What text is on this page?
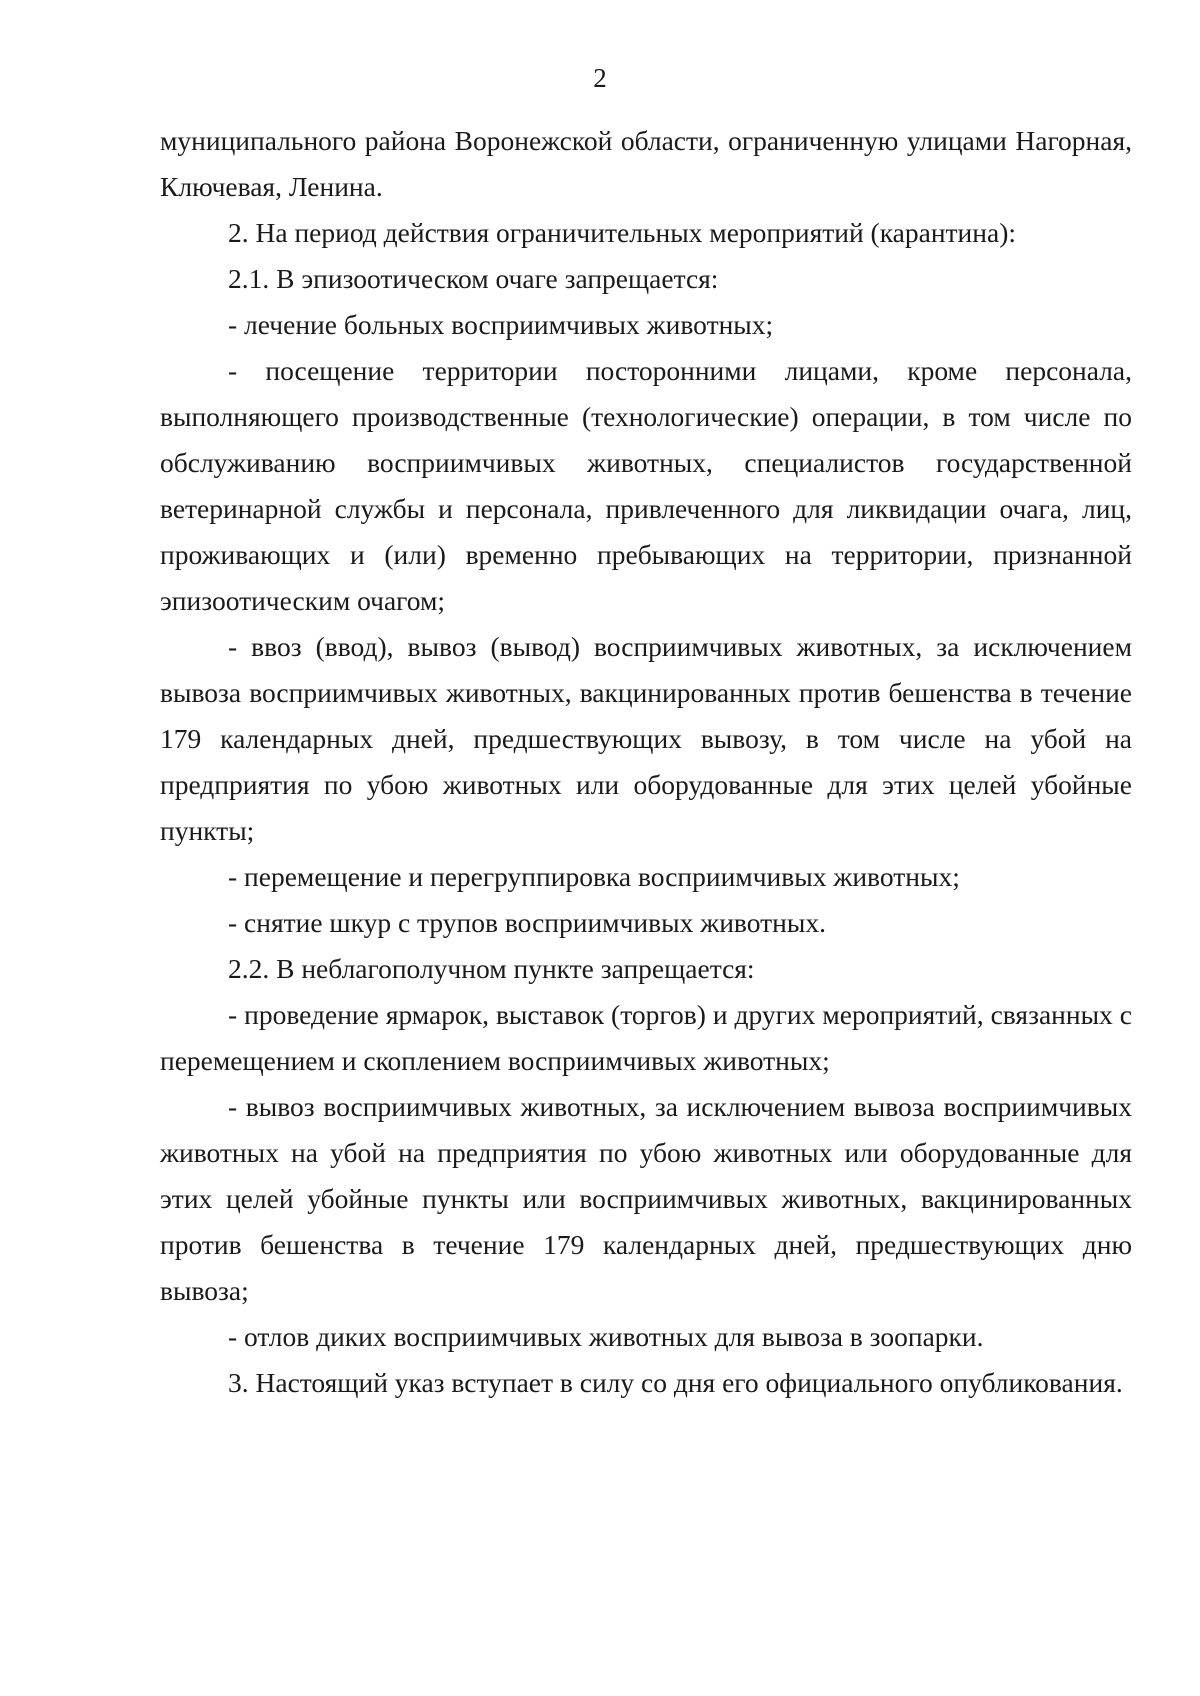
2

муниципального района Воронежской области, ограниченную улицами Нагорная, Ключевая, Ленина.

2. На период действия ограничительных мероприятий (карантина):

2.1. В эпизоотическом очаге запрещается:

- лечение больных восприимчивых животных;

- посещение территории посторонними лицами, кроме персонала, выполняющего производственные (технологические) операции, в том числе по обслуживанию восприимчивых животных, специалистов государственной ветеринарной службы и персонала, привлеченного для ликвидации очага, лиц, проживающих и (или) временно пребывающих на территории, признанной эпизоотическим очагом;

- ввоз (ввод), вывоз (вывод) восприимчивых животных, за исключением вывоза восприимчивых животных, вакцинированных против бешенства в течение 179 календарных дней, предшествующих вывозу, в том числе на убой на предприятия по убою животных или оборудованные для этих целей убойные пункты;

- перемещение и перегруппировка восприимчивых животных;

- снятие шкур с трупов восприимчивых животных.

2.2. В неблагополучном пункте запрещается:

- проведение ярмарок, выставок (торгов) и других мероприятий, связанных с перемещением и скоплением восприимчивых животных;

- вывоз восприимчивых животных, за исключением вывоза восприимчивых животных на убой на предприятия по убою животных или оборудованные для этих целей убойные пункты или восприимчивых животных, вакцинированных против бешенства в течение 179 календарных дней, предшествующих дню вывоза;

- отлов диких восприимчивых животных для вывоза в зоопарки.

3. Настоящий указ вступает в силу со дня его официального опубликования.
